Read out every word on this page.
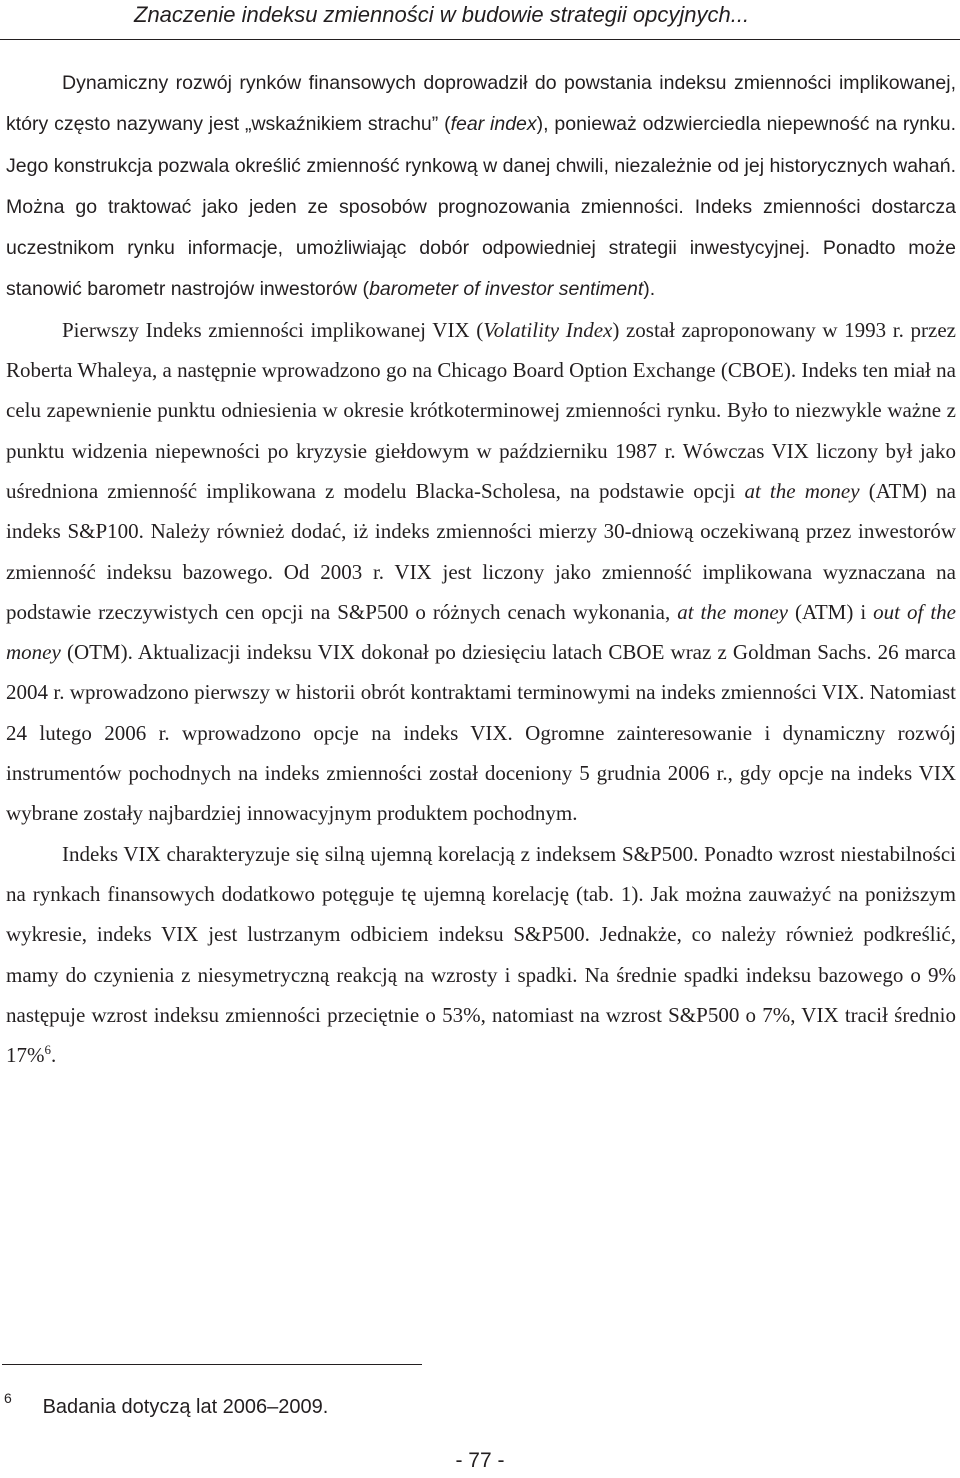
Znaczenie indeksu zmienności w budowie strategii opcyjnych...

Dynamiczny rozwój rynków finansowych doprowadził do powstania indeksu zmienności implikowanej, który często nazywany jest „wskaźnikiem strachu” (fear index), ponieważ odzwierciedla niepewność na rynku. Jego konstrukcja pozwala określić zmienność rynkową w danej chwili, niezależnie od jej historycznych wahań. Można go traktować jako jeden ze sposobów prognozowania zmienności. Indeks zmienności dostarcza uczestnikom rynku informacje, umożliwiając dobór odpowiedniej strategii inwestycyjnej. Ponadto może stanowić barometr nastrojów inwestorów (barometer of investor sentiment).

Pierwszy Indeks zmienności implikowanej VIX (Volatility Index) został zaproponowany w 1993 r. przez Roberta Whaleya, a następnie wprowadzono go na Chicago Board Option Exchange (CBOE). Indeks ten miał na celu zapewnienie punktu odniesienia w okresie krótkoterminowej zmienności rynku. Było to niezwykle ważne z punktu widzenia niepewności po kryzysie giełdowym w październiku 1987 r. Wówczas VIX liczony był jako uśredniona zmienność implikowana z modelu Blacka-Scholesa, na podstawie opcji at the money (ATM) na indeks S&P100. Należy również dodać, iż indeks zmienności mierzy 30-dniową oczekiwaną przez inwestorów zmienność indeksu bazowego. Od 2003 r. VIX jest liczony jako zmienność implikowana wyznaczana na podstawie rzeczywistych cen opcji na S&P500 o różnych cenach wykonania, at the money (ATM) i out of the money (OTM). Aktualizacji indeksu VIX dokonał po dziesięciu latach CBOE wraz z Goldman Sachs. 26 marca 2004 r. wprowadzono pierwszy w historii obrót kontraktami terminowymi na indeks zmienności VIX. Natomiast 24 lutego 2006 r. wprowadzono opcje na indeks VIX. Ogromne zainteresowanie i dynamiczny rozwój instrumentów pochodnych na indeks zmienności został doceniony 5 grudnia 2006 r., gdy opcje na indeks VIX wybrane zostały najbardziej innowacyjnym produktem pochodnym.

Indeks VIX charakteryzuje się silną ujemną korelacją z indeksem S&P500. Ponadto wzrost niestabilności na rynkach finansowych dodatkowo potęguje tę ujemną korelację (tab. 1). Jak można zauważyć na poniższym wykresie, indeks VIX jest lustrzanym odbiciem indeksu S&P500. Jednakże, co należy również podkreślić, mamy do czynienia z niesymetryczną reakcją na wzrosty i spadki. Na średnie spadki indeksu bazowego o 9% następuje wzrost indeksu zmienności przeciętnie o 53%, natomiast na wzrost S&P500 o 7%, VIX tracił średnio 17%$^6$.

6 Badania dotyczą lat 2006–2009.
- 77 -
